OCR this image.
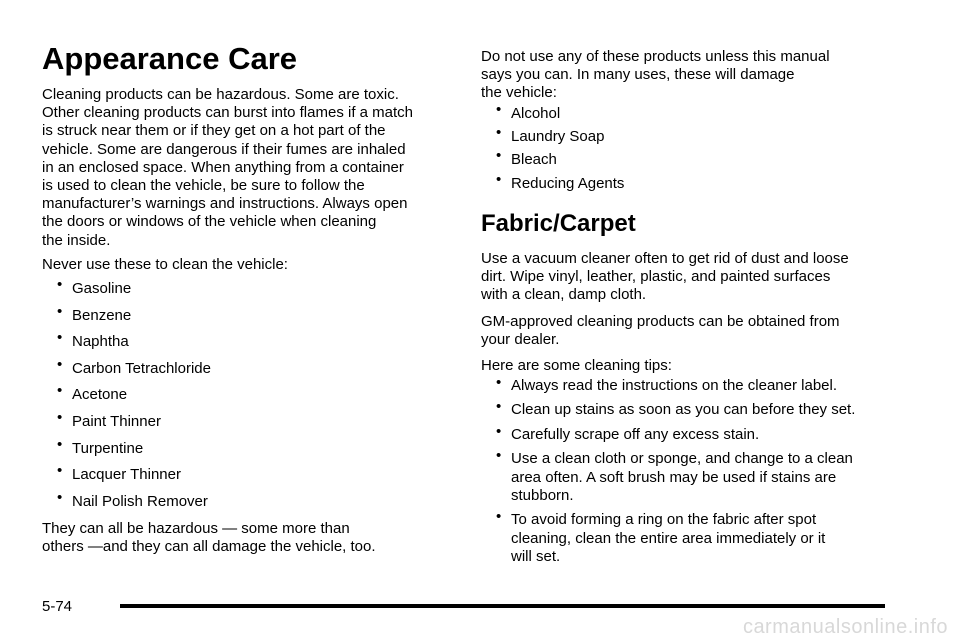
Appearance Care

Cleaning products can be hazardous. Some are toxic.
Other cleaning products can burst into flames if a match
is struck near them or if they get on a hot part of the
vehicle. Some are dangerous if their fumes are inhaled
in an enclosed space. When anything from a container
is used to clean the vehicle, be sure to follow the
manufacturer’s warnings and instructions. Always open
the doors or windows of the vehicle when cleaning
the inside.

Never use these to clean the vehicle:

• Gasoline
• Benzene
• Naphtha
• Carbon Tetrachloride
• Acetone
• Paint Thinner
• Turpentine
• Lacquer Thinner
• Nail Polish Remover

They can all be hazardous — some more than
others —and they can all damage the vehicle, too.

Do not use any of these products unless this manual
says you can. In many uses, these will damage
the vehicle:

• Alcohol
• Laundry Soap
• Bleach
• Reducing Agents
Fabric/Carpet

Use a vacuum cleaner often to get rid of dust and loose
dirt. Wipe vinyl, leather, plastic, and painted surfaces
with a clean, damp cloth.

GM-approved cleaning products can be obtained from
your dealer.

Here are some cleaning tips:

• Always read the instructions on the cleaner label.
• Clean up stains as soon as you can before they set.
• Carefully scrape off any excess stain.
• Use a clean cloth or sponge, and change to a clean
area often. A soft brush may be used if stains are
stubborn.
• To avoid forming a ring on the fabric after spot
cleaning, clean the entire area immediately or it
will set.
5-74
carmanualsonline.info
